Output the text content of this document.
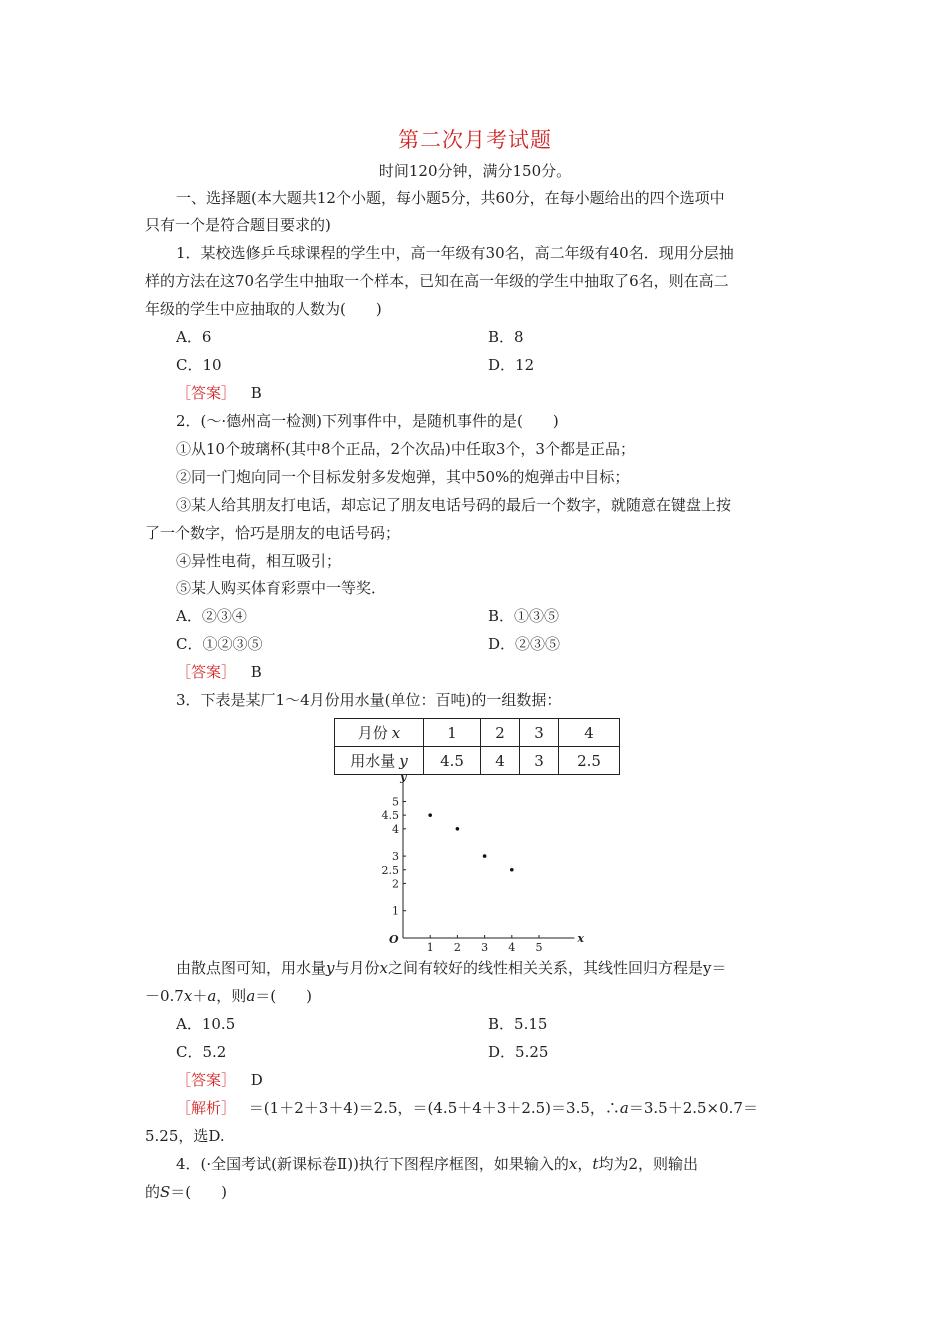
第二次月考试题
时间120分钟，满分150分。
一、选择题(本大题共12个小题，每小题5分，共60分，在每小题给出的四个选项中
只有一个是符合题目要求的)
1．某校选修乒乓球课程的学生中，高一年级有30名，高二年级有40名．现用分层抽
样的方法在这70名学生中抽取一个样本，已知在高一年级的学生中抽取了6名，则在高二
年级的学生中应抽取的人数为(　　)
A．6	B．8
C．10	D．12
［答案］ B
2．(～·德州高一检测)下列事件中，是随机事件的是(　　)
①从10个玻璃杯(其中8个正品，2个次品)中任取3个，3个都是正品；
②同一门炮向同一个目标发射多发炮弹，其中50%的炮弹击中目标；
③某人给其朋友打电话，却忘记了朋友电话号码的最后一个数字，就随意在键盘上按
了一个数字，恰巧是朋友的电话号码；
④异性电荷，相互吸引；
⑤某人购买体育彩票中一等奖．
A．②③④	B．①③⑤
C．①②③⑤	D．②③⑤
［答案］ B
3．下表是某厂1～4月份用水量(单位：百吨)的一组数据：
月份 x	1	2	3	4
用水量 y	4.5	4	3	2.5
x
y
O
1 2 3 4 5
1
2
2.5
3
4
4.5
5
由散点图可知，用水量y与月份x之间有较好的线性相关关系，其线性回归方程是y＝
－0.7x＋a，则a＝(　　)
A．10.5	B．5.15
C．5.2	D．5.25
［答案］ D
［解析］ ＝(1＋2＋3＋4)＝2.5，＝(4.5＋4＋3＋2.5)＝3.5，∴a＝3.5＋2.5×0.7＝
5.25，选D.
4．(·全国考试(新课标卷Ⅱ))执行下图程序框图，如果输入的x，t均为2，则输出
的S＝(　　)
